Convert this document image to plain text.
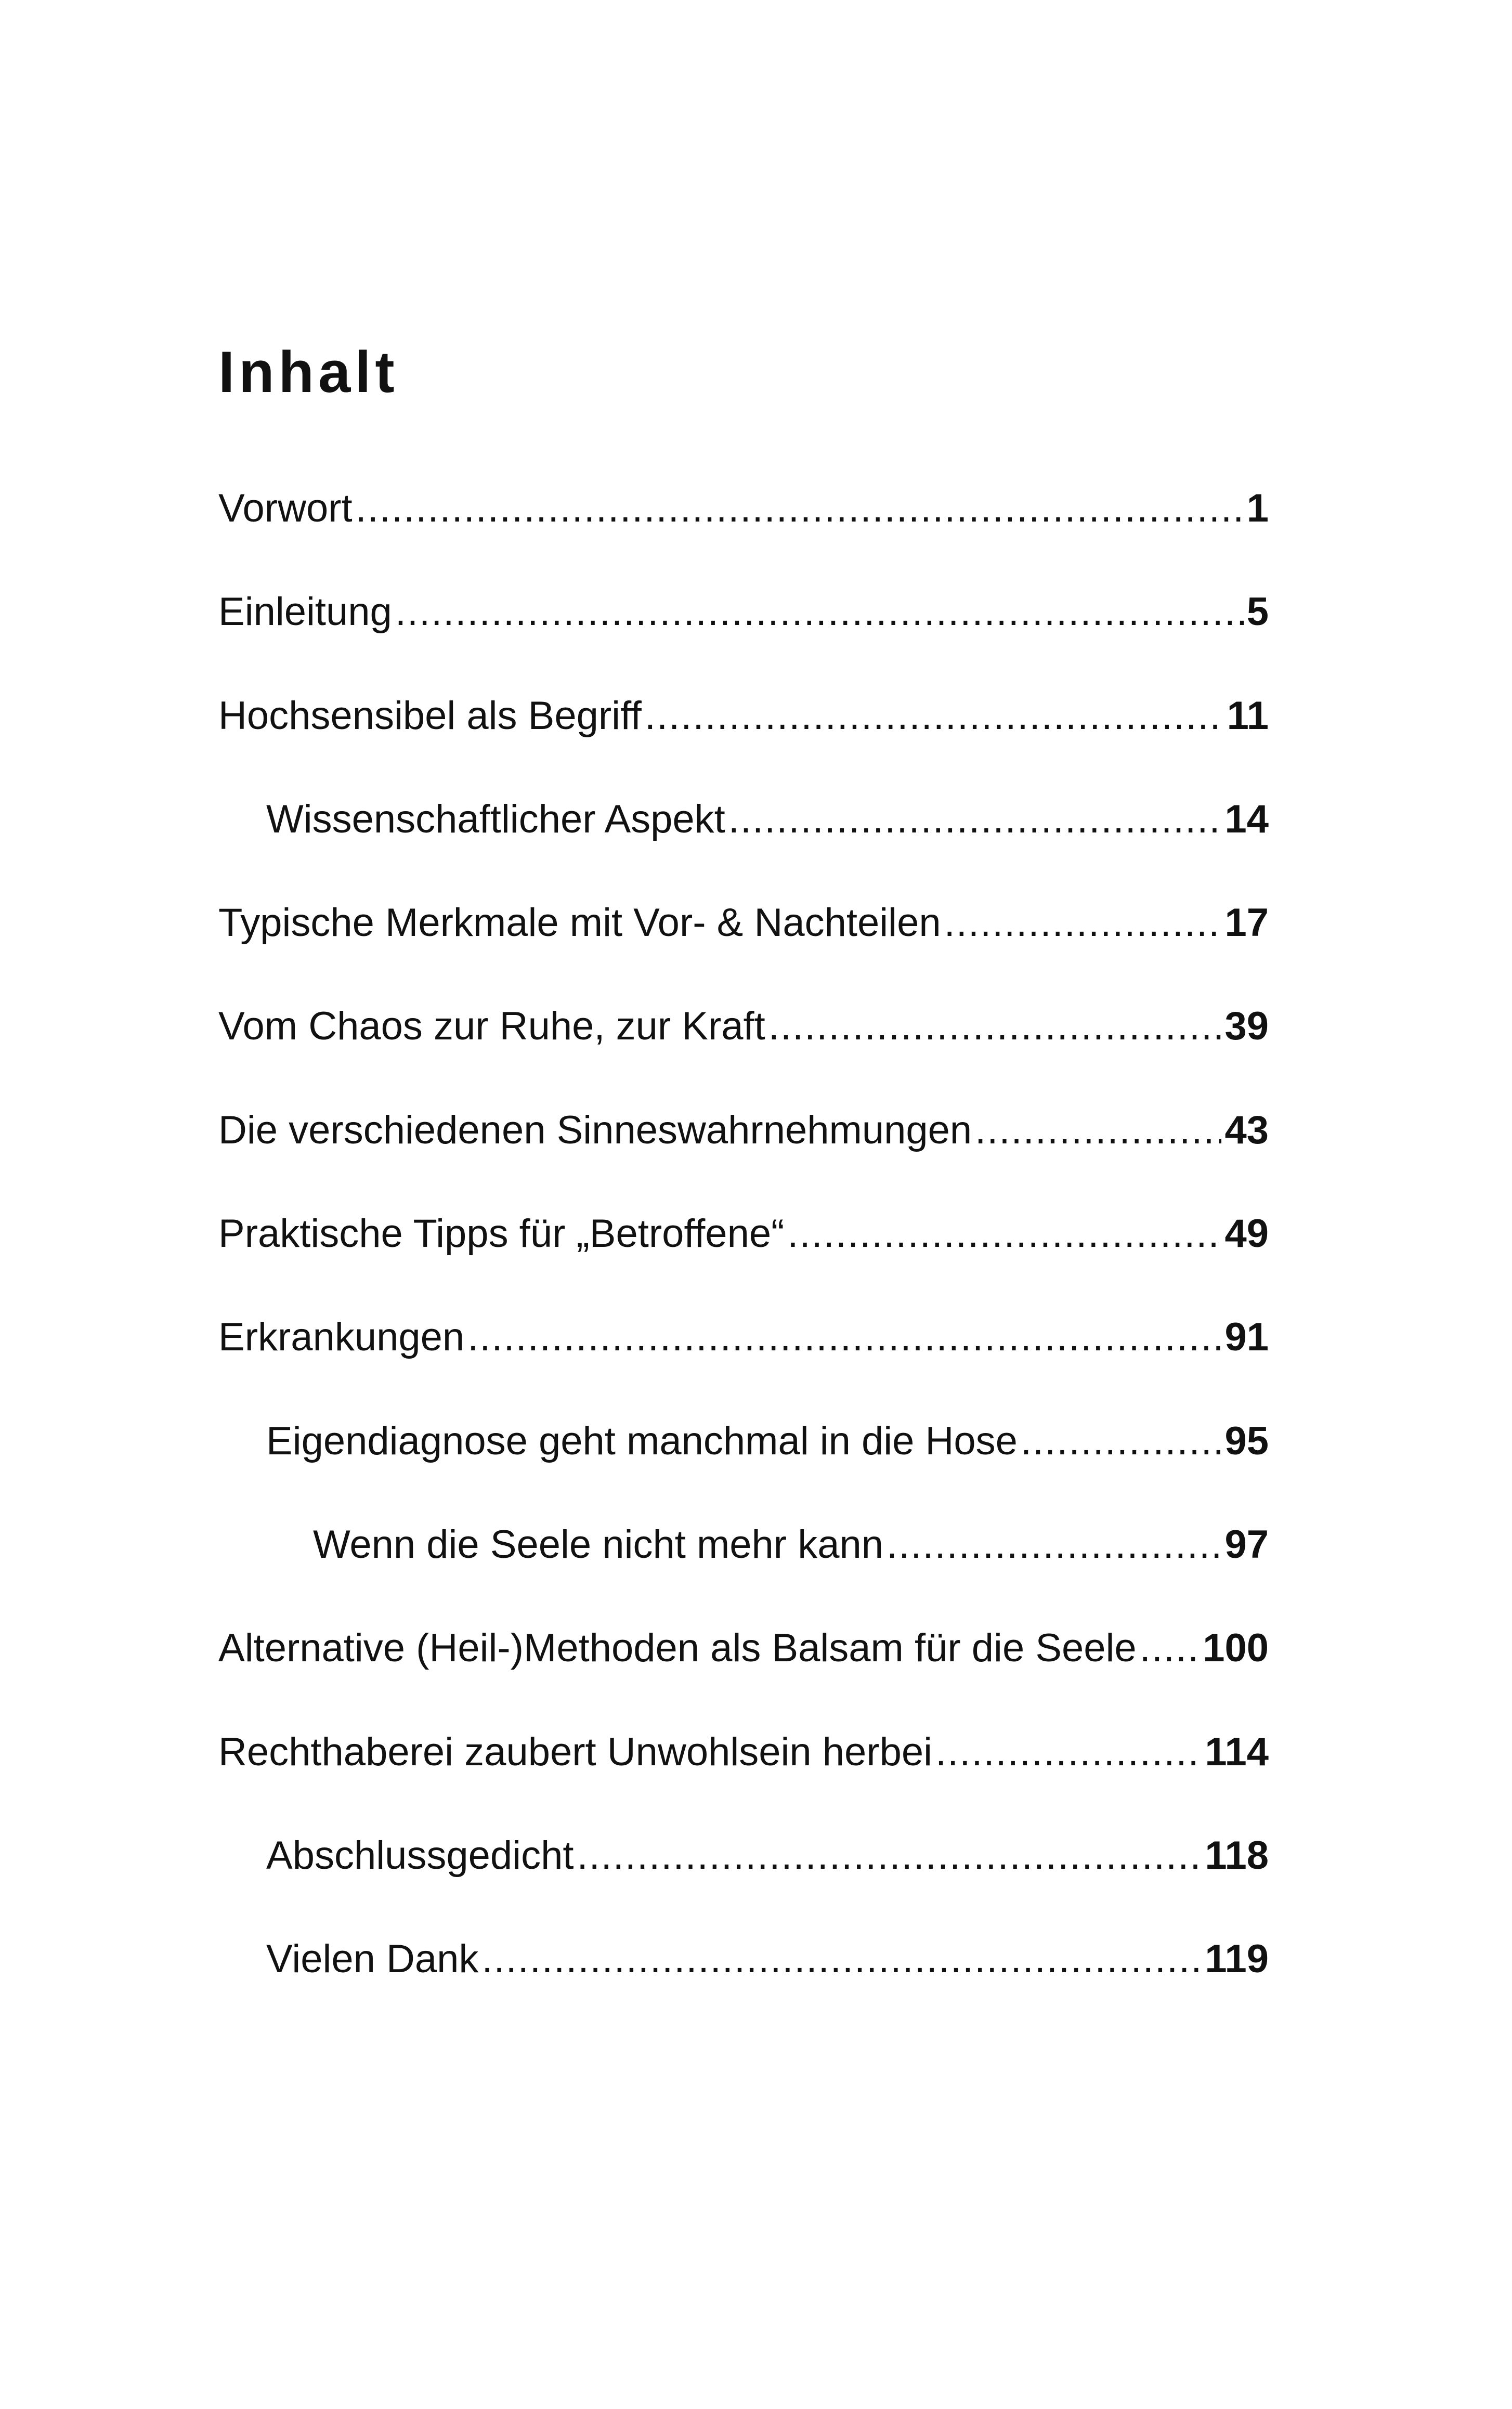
Inhalt
Vorwort .....	1
Einleitung .....	5
Hochsensibel als Begriff .....	11
Wissenschaftlicher Aspekt .....	14
Typische Merkmale mit Vor- & Nachteilen .....	17
Vom Chaos zur Ruhe, zur Kraft .....	39
Die verschiedenen Sinneswahrnehmungen .....	43
Praktische Tipps für „Betroffene“ .....	49
Erkrankungen .....	91
Eigendiagnose geht manchmal in die Hose .....	95
Wenn die Seele nicht mehr kann .....	97
Alternative (Heil-)Methoden als Balsam für die Seele ..... 100
Rechthaberei zaubert Unwohlsein herbei .....	114
Abschlussgedicht .....	118
Vielen Dank .....	119
